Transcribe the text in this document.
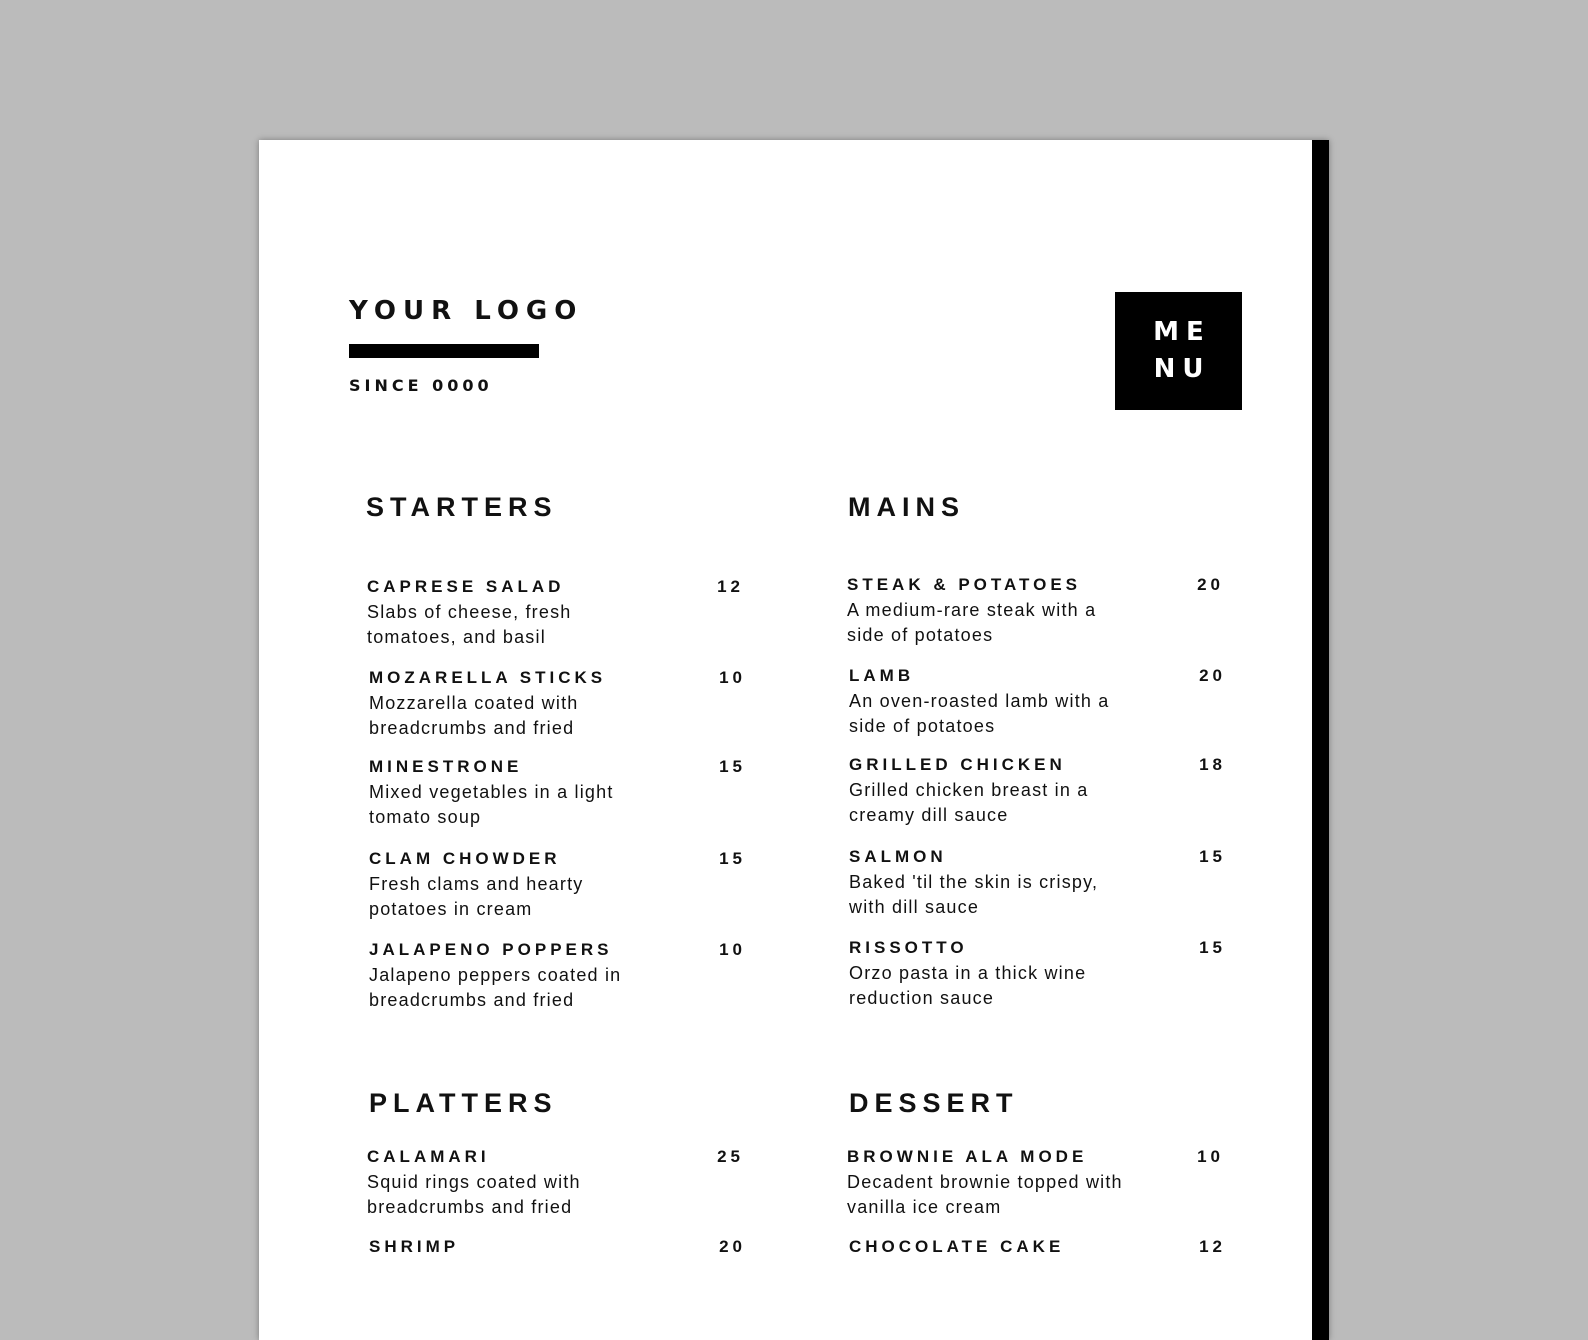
YOUR LOGO
SINCE 0000
ME
NU
STARTERS
CAPRESE SALAD	12
Slabs of cheese, fresh tomatoes, and basil
MOZARELLA STICKS	10
Mozzarella coated with breadcrumbs and fried
MINESTRONE	15
Mixed vegetables in a light tomato soup
CLAM CHOWDER	15
Fresh clams and hearty potatoes in cream
JALAPENO POPPERS	10
Jalapeno peppers coated in breadcrumbs and fried
MAINS
STEAK & POTATOES	20
A medium-rare steak with a side of potatoes
LAMB	20
An oven-roasted lamb with a side of potatoes
GRILLED CHICKEN	18
Grilled chicken breast in a creamy dill sauce
SALMON	15
Baked 'til the skin is crispy, with dill sauce
RISSOTTO	15
Orzo pasta in a thick wine reduction sauce
PLATTERS
CALAMARI	25
Squid rings coated with breadcrumbs and fried
SHRIMP	20
DESSERT
BROWNIE ALA MODE	10
Decadent brownie topped with vanilla ice cream
CHOCOLATE CAKE	12
